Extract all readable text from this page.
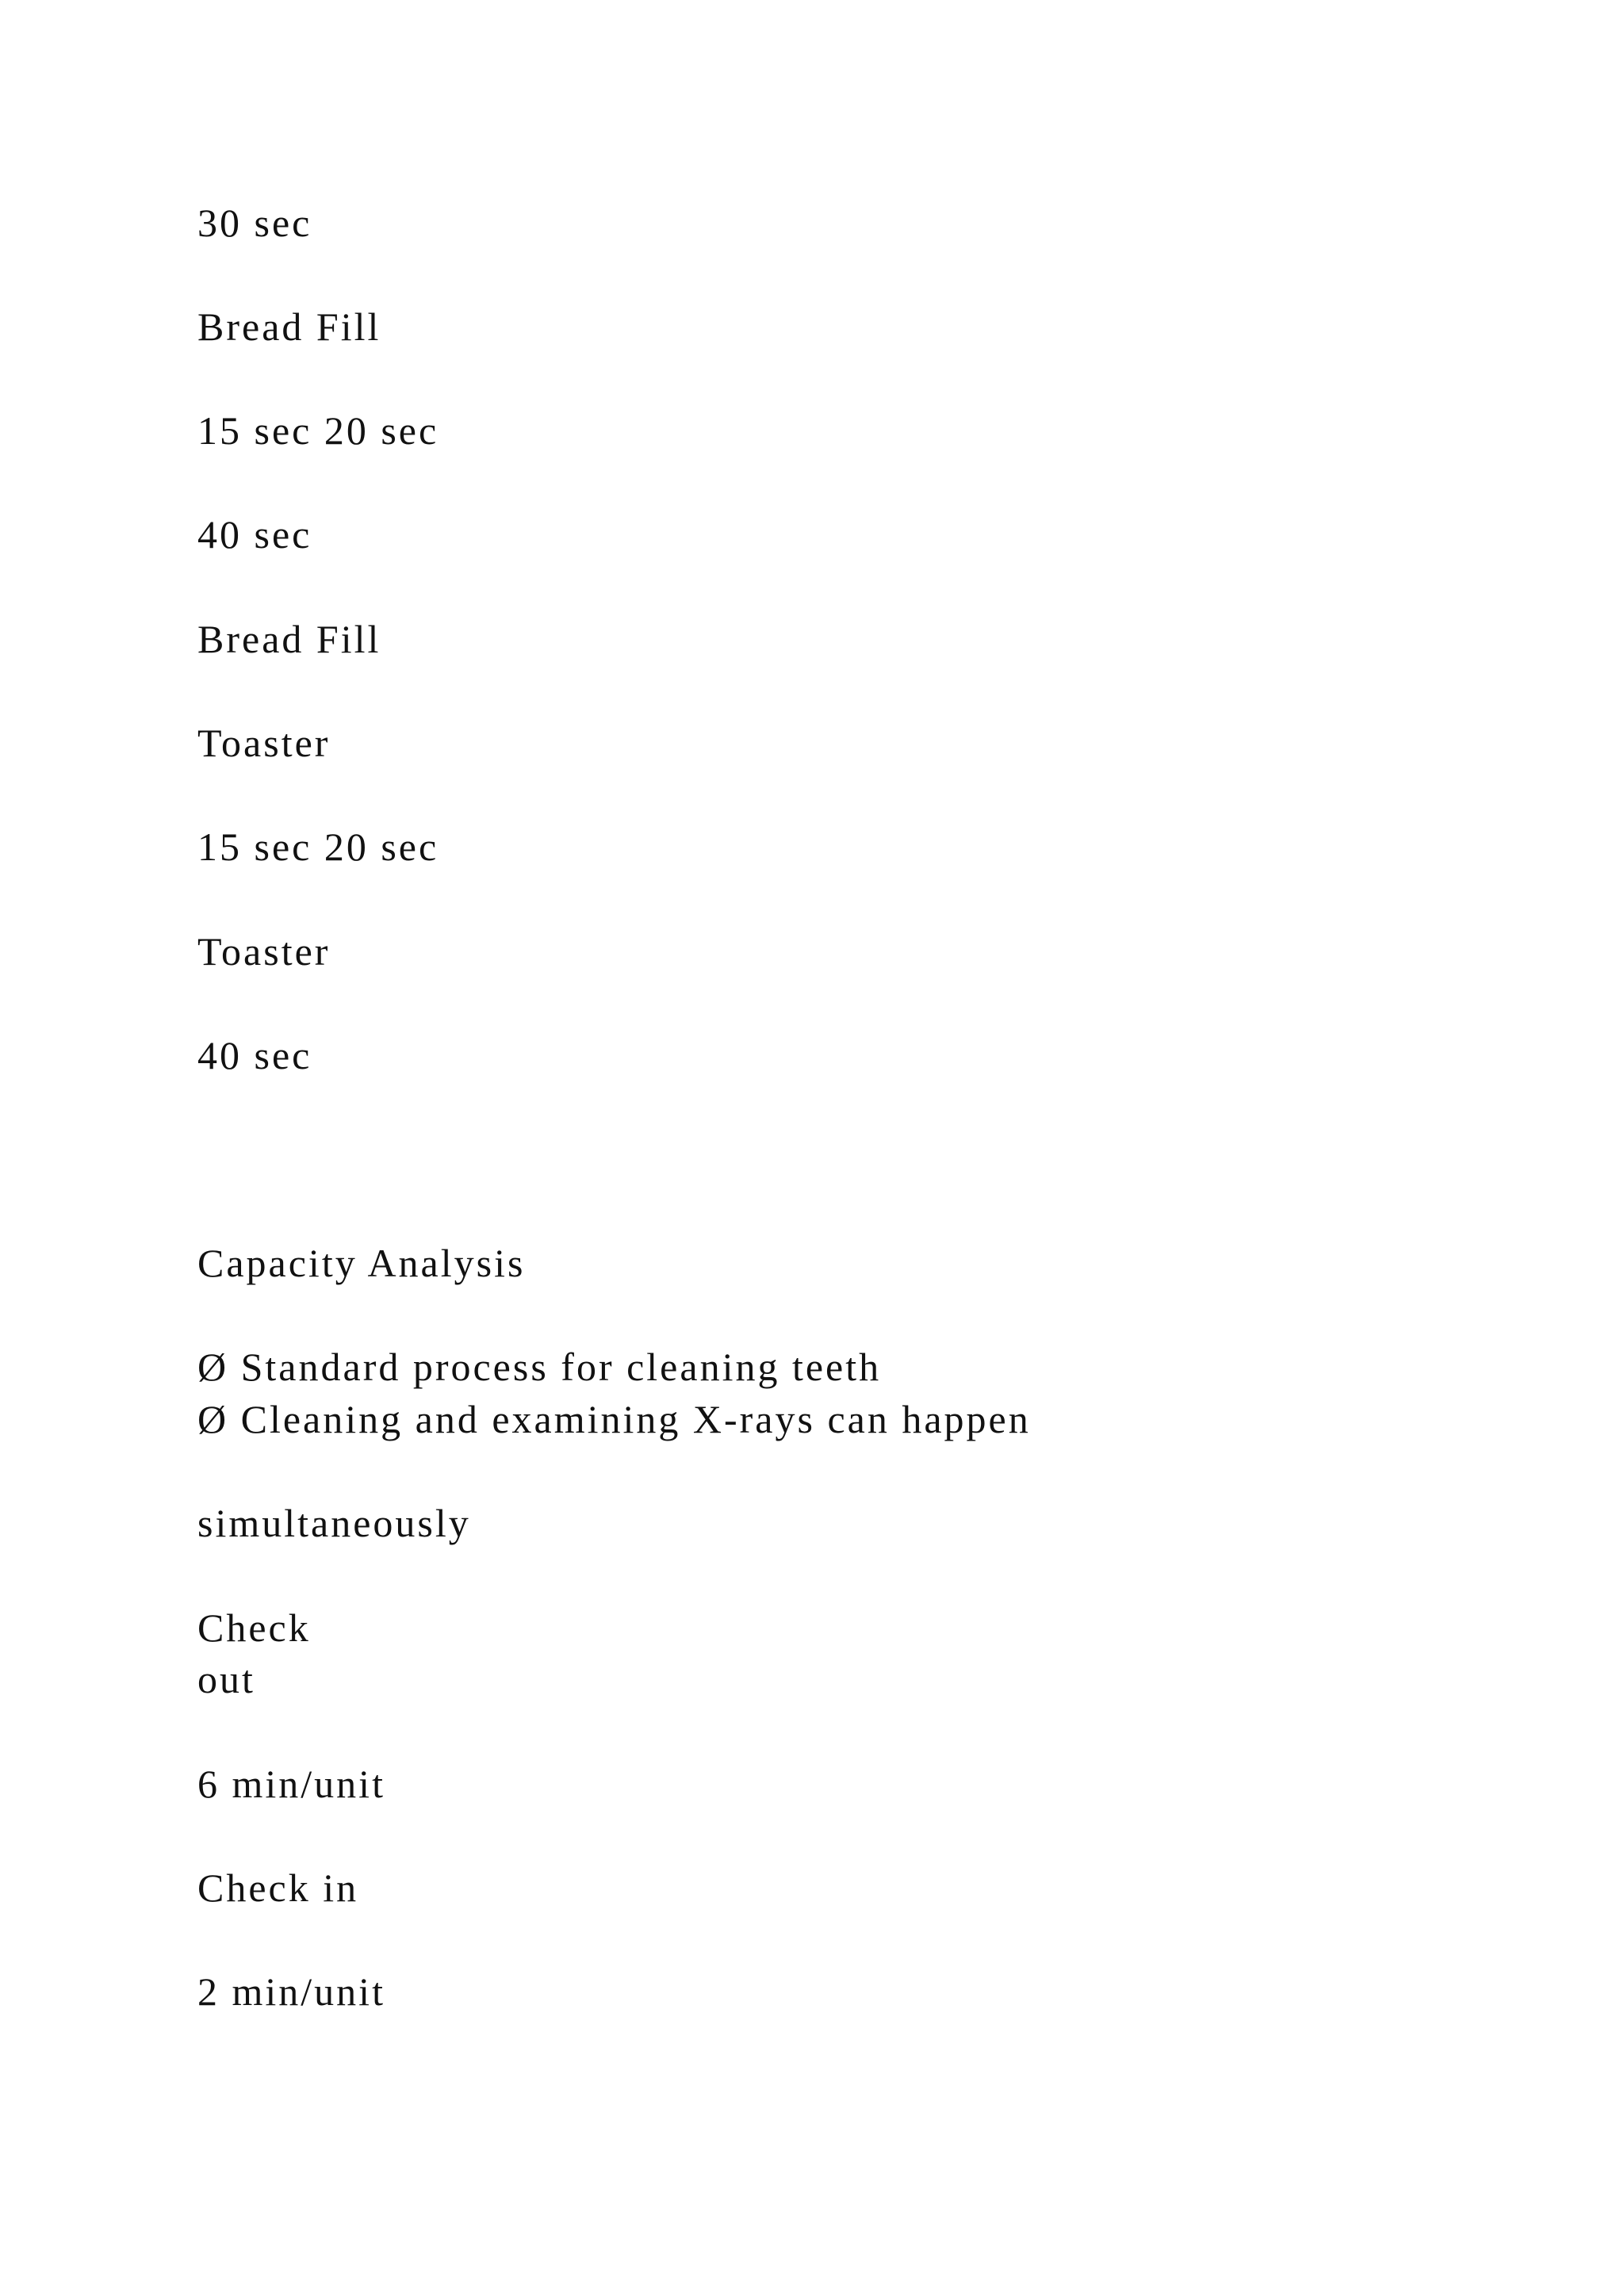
30 sec

Bread Fill

15 sec 20 sec

40 sec

Bread Fill

Toaster

15 sec 20 sec

Toaster

40 sec

Capacity Analysis

Ø Standard process for cleaning teeth

Ø Cleaning and examining X-rays can happen

simultaneously

Check

out

6 min/unit

Check in

2 min/unit
